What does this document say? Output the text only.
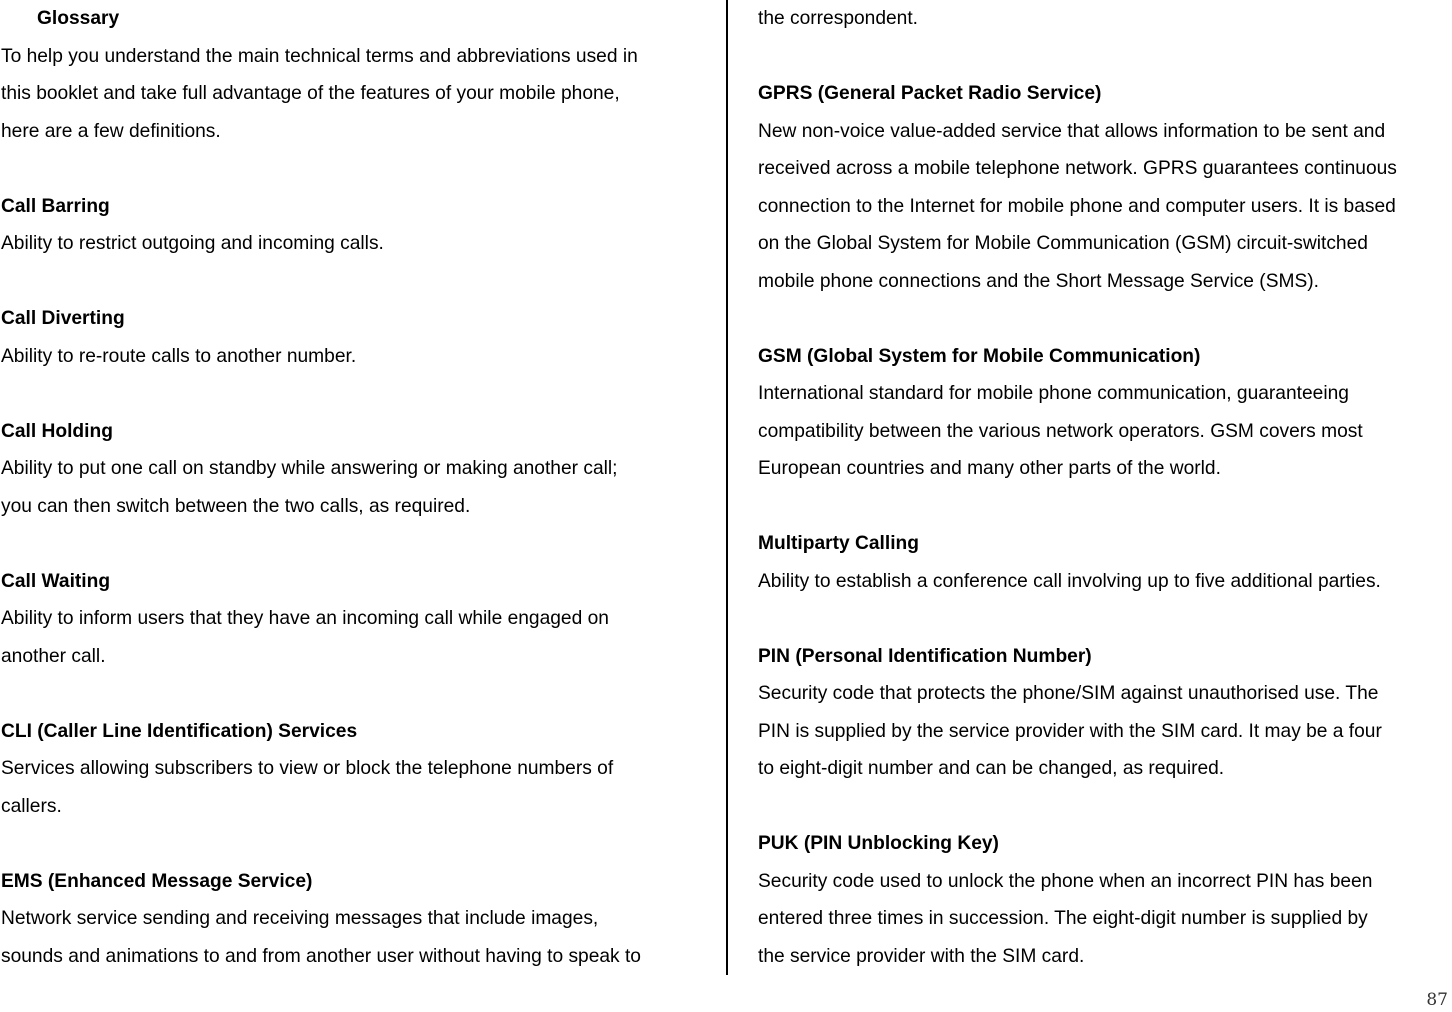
Glossary
To help you understand the main technical terms and abbreviations used in
this booklet and take full advantage of the features of your mobile phone,
here are a few definitions.
Call Barring
Ability to restrict outgoing and incoming calls.
Call Diverting
Ability to re-route calls to another number.
Call Holding
Ability to put one call on standby while answering or making another call;
you can then switch between the two calls, as required.
Call Waiting
Ability to inform users that they have an incoming call while engaged on
another call.
CLI (Caller Line Identification) Services
Services allowing subscribers to view or block the telephone numbers of
callers.
EMS (Enhanced Message Service)
Network service sending and receiving messages that include images,
sounds and animations to and from another user without having to speak to
the correspondent.
GPRS (General Packet Radio Service)
New non-voice value-added service that allows information to be sent and
received across a mobile telephone network. GPRS guarantees continuous
connection to the Internet for mobile phone and computer users. It is based
on the Global System for Mobile Communication (GSM) circuit-switched
mobile phone connections and the Short Message Service (SMS).
GSM (Global System for Mobile Communication)
International standard for mobile phone communication, guaranteeing
compatibility between the various network operators. GSM covers most
European countries and many other parts of the world.
Multiparty Calling
Ability to establish a conference call involving up to five additional parties.
PIN (Personal Identification Number)
Security code that protects the phone/SIM against unauthorised use. The
PIN is supplied by the service provider with the SIM card. It may be a four
to eight-digit number and can be changed, as required.
PUK (PIN Unblocking Key)
Security code used to unlock the phone when an incorrect PIN has been
entered three times in succession. The eight-digit number is supplied by
the service provider with the SIM card.
87
